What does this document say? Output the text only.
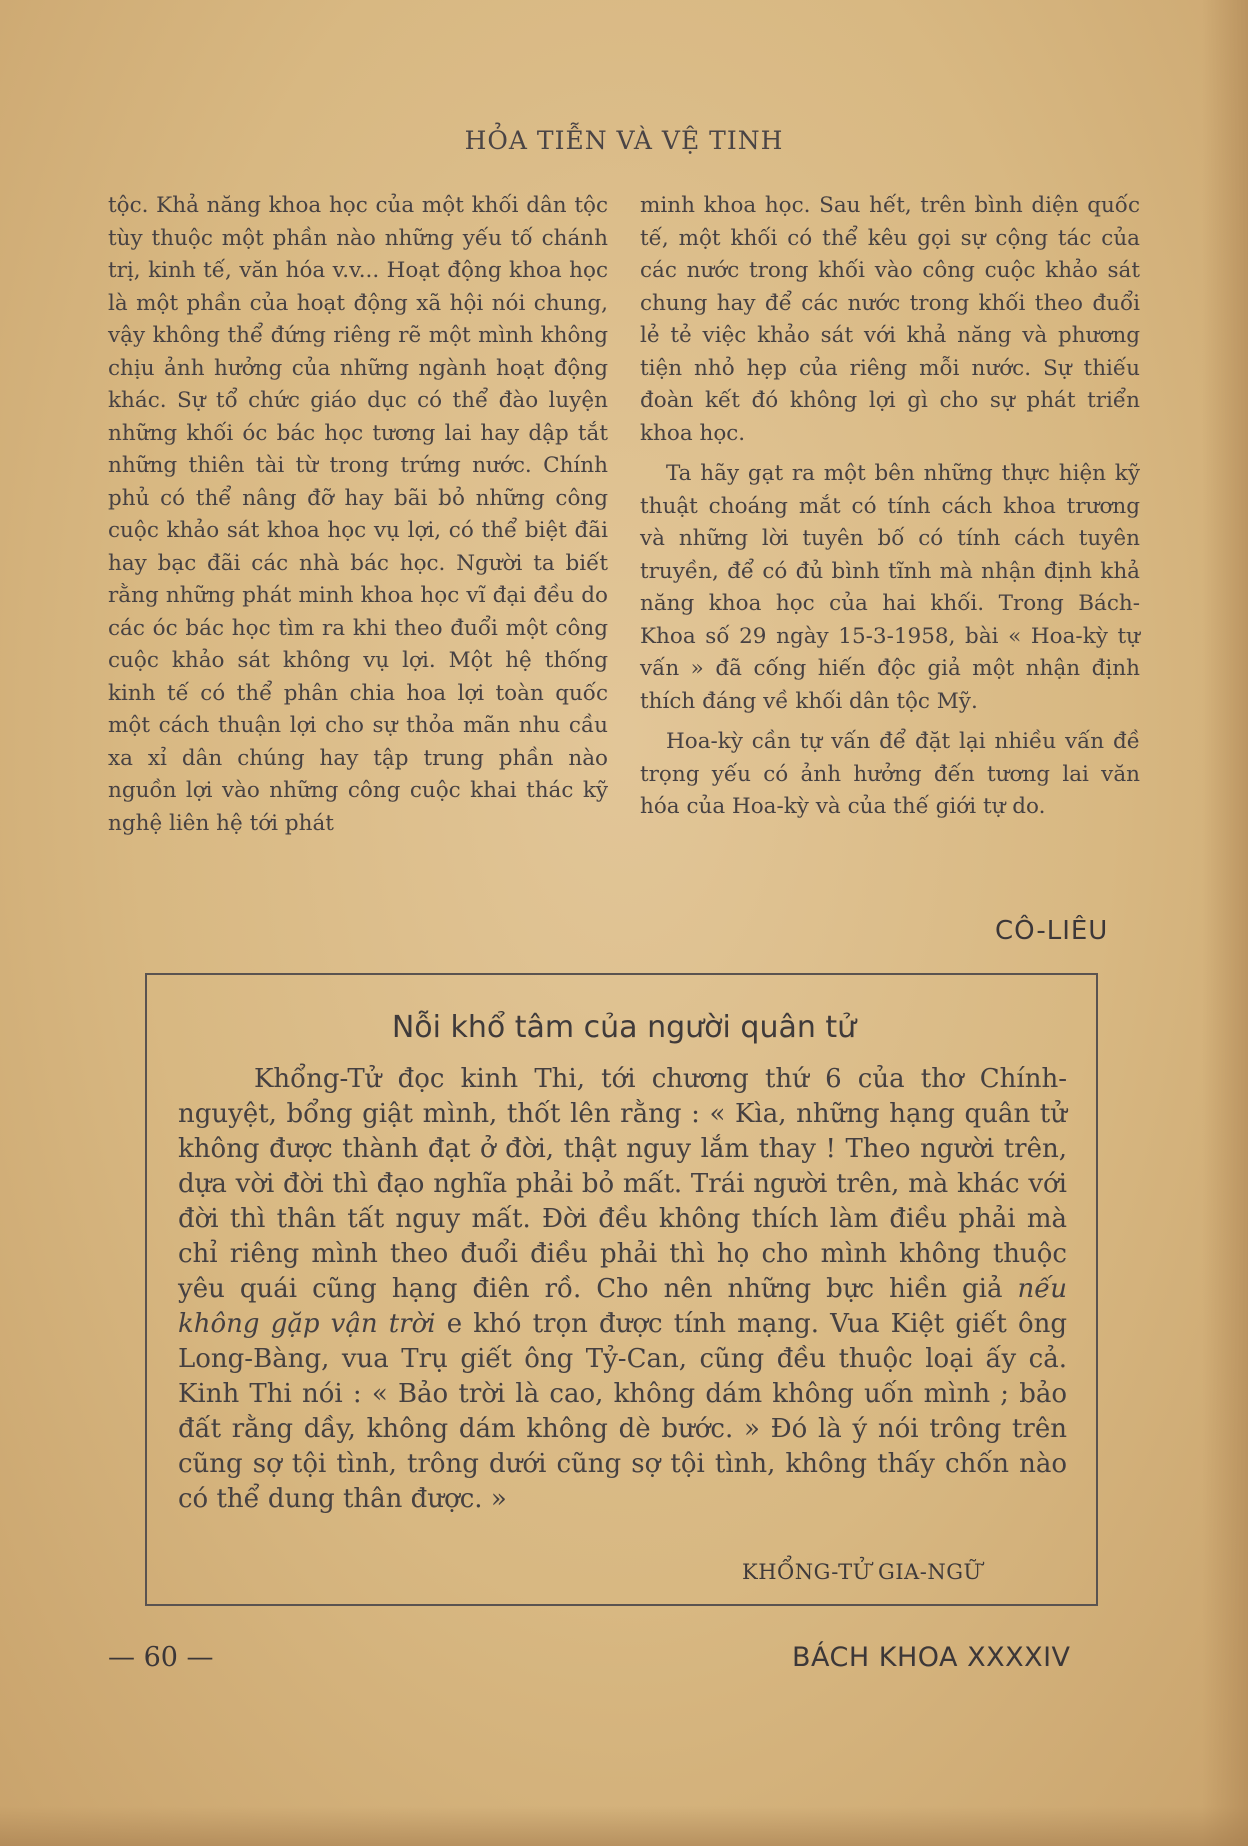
HỎA TIỄN VÀ VỆ TINH

tộc. Khả năng khoa học của một khối dân tộc tùy thuộc một phần nào những yếu tố chánh trị, kinh tế, văn hóa v.v... Hoạt động khoa học là một phần của hoạt động xã hội nói chung, vậy không thể đứng riêng rẽ một mình không chịu ảnh hưởng của những ngành hoạt động khác. Sự tổ chức giáo dục có thể đào luyện những khối óc bác học tương lai hay dập tắt những thiên tài từ trong trứng nước. Chính phủ có thể nâng đỡ hay bãi bỏ những công cuộc khảo sát khoa học vụ lợi, có thể biệt đãi hay bạc đãi các nhà bác học. Người ta biết rằng những phát minh khoa học vĩ đại đều do các óc bác học tìm ra khi theo đuổi một công cuộc khảo sát không vụ lợi. Một hệ thống kinh tế có thể phân chia hoa lợi toàn quốc một cách thuận lợi cho sự thỏa mãn nhu cầu xa xỉ dân chúng hay tập trung phần nào nguồn lợi vào những công cuộc khai thác kỹ nghệ liên hệ tới phát

minh khoa học. Sau hết, trên bình diện quốc tế, một khối có thể kêu gọi sự cộng tác của các nước trong khối vào công cuộc khảo sát chung hay để các nước trong khối theo đuổi lẻ tẻ việc khảo sát với khả năng và phương tiện nhỏ hẹp của riêng mỗi nước. Sự thiếu đoàn kết đó không lợi gì cho sự phát triển khoa học.

Ta hãy gạt ra một bên những thực hiện kỹ thuật choáng mắt có tính cách khoa trương và những lời tuyên bố có tính cách tuyên truyền, để có đủ bình tĩnh mà nhận định khả năng khoa học của hai khối. Trong Bách-Khoa số 29 ngày 15-3-1958, bài « Hoa-kỳ tự vấn » đã cống hiến độc giả một nhận định thích đáng về khối dân tộc Mỹ.

Hoa-kỳ cần tự vấn để đặt lại nhiều vấn đề trọng yếu có ảnh hưởng đến tương lai văn hóa của Hoa-kỳ và của thế giới tự do.

CÔ-LIÊU
Nỗi khổ tâm của người quân tử

Khổng-Tử đọc kinh Thi, tới chương thứ 6 của thơ Chính-nguyệt, bổng giật mình, thốt lên rằng : « Kìa, những hạng quân tử không được thành đạt ở đời, thật nguy lắm thay ! Theo người trên, dựa vời đời thì đạo nghĩa phải bỏ mất. Trái người trên, mà khác với đời thì thân tất nguy mất. Đời đều không thích làm điều phải mà chỉ riêng mình theo đuổi điều phải thì họ cho mình không thuộc yêu quái cũng hạng điên rồ. Cho nên những bực hiền giả nếu không gặp vận trời e khó trọn được tính mạng. Vua Kiệt giết ông Long-Bàng, vua Trụ giết ông Tỷ-Can, cũng đều thuộc loại ấy cả. Kinh Thi nói : « Bảo trời là cao, không dám không uốn mình ; bảo đất rằng dầy, không dám không dè bước. » Đó là ý nói trông trên cũng sợ tội tình, trông dưới cũng sợ tội tình, không thấy chốn nào có thể dung thân được. »

KHỔNG-TỬ GIA-NGỮ
— 60 —	BÁCH KHOA XXXXIV
